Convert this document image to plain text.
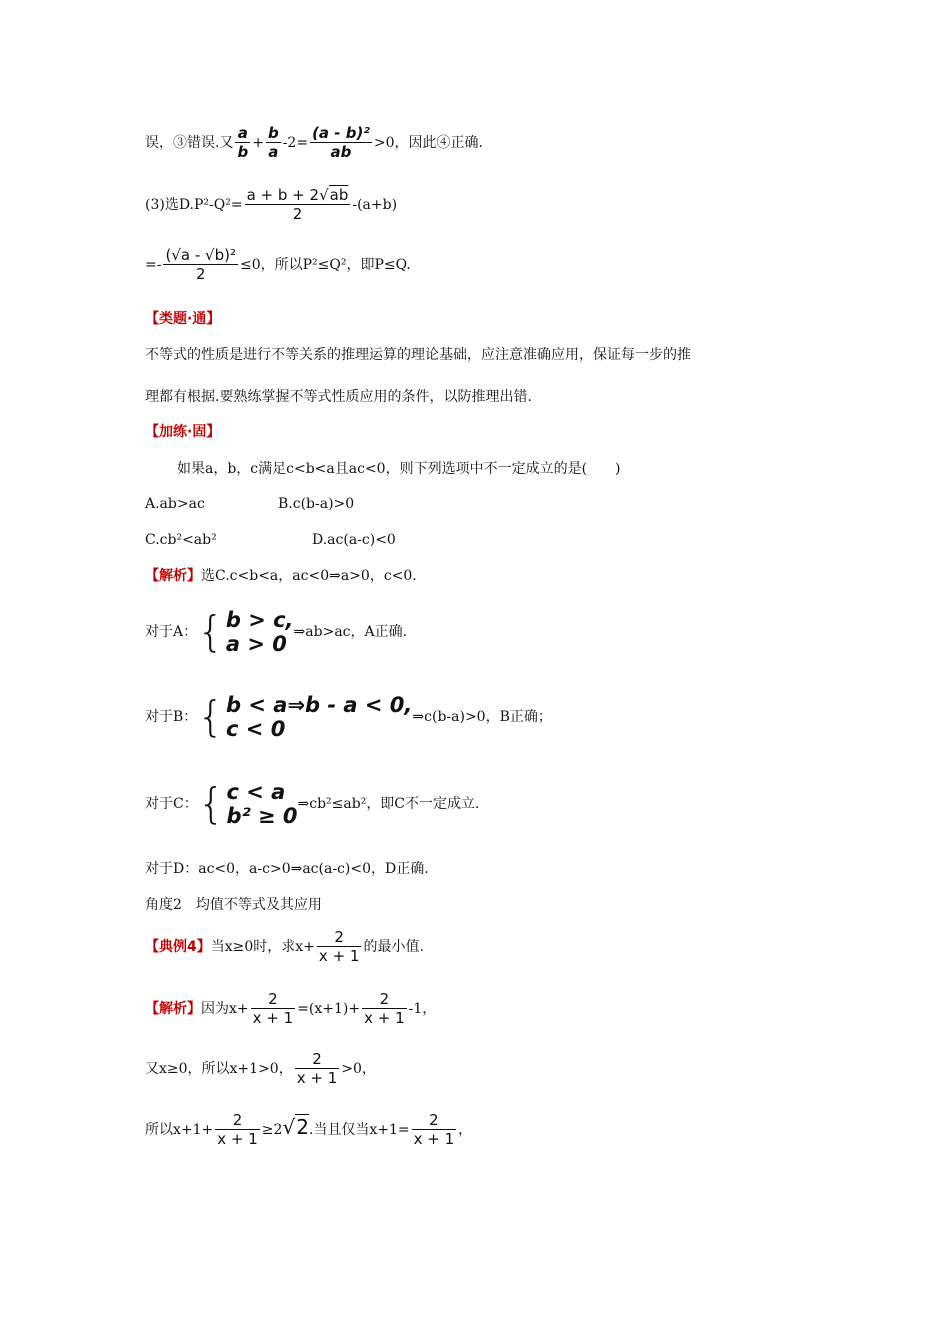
误，③错误.又 $\frac{a}{b} + \frac{b}{a} -2= \frac{\text{(a - b)²}}{ab} >0$，因此④正确.
(3)选$D.P^2-Q^2= \frac{a + b + 2√ab}{2} -(a+b)$
=- $\frac{\text{(√a - √b)²}}{2} \le 0$，所以P²≤Q²，即P≤Q.
【类题·通】
不等式的性质是进行不等关系的推理运算的理论基础，应注意准确应用，保证每一步的推
理都有根据.要熟练掌握不等式性质应用的条件，以防推理出错.
【加练·固】
如果a，b，c满足c<b<a且ac<0，则下列选项中不一定成立的是(　　)
A.ab>ac	B.c(b-a)>0
C.cb²<ab²	D.ac(a-c)<0
【解析】选C.c<b<a，ac<0⇒a>0，c<0.
对于A： { b > c,
a > 0 ⇒ab>ac，A正确.
对于B： { b < a⇒b - a < 0,
c < 0	⇒c(b-a)>0，B正确；
对于C： { c < a
b² ≥ 0 ⇒cb²≤ab²，即C不一定成立.
对于D：ac<0，a-c>0⇒ac(a-c)<0，D正确.
角度2　均值不等式及其应用
【典例4】当x≥0时，求$x+ \frac{2}{x + 1}$ 的最小值.
【解析】因为$x+ \frac{2}{x + 1} =(x+1)+ \frac{2}{x + 1} -1$，
又x≥0，所以x+1>0， $\frac{2}{x + 1} >0$，
所以$x+1+ \frac{2}{x + 1} \ge 2√2$.当且仅当$x+1= \frac{2}{x + 1}$ ，
